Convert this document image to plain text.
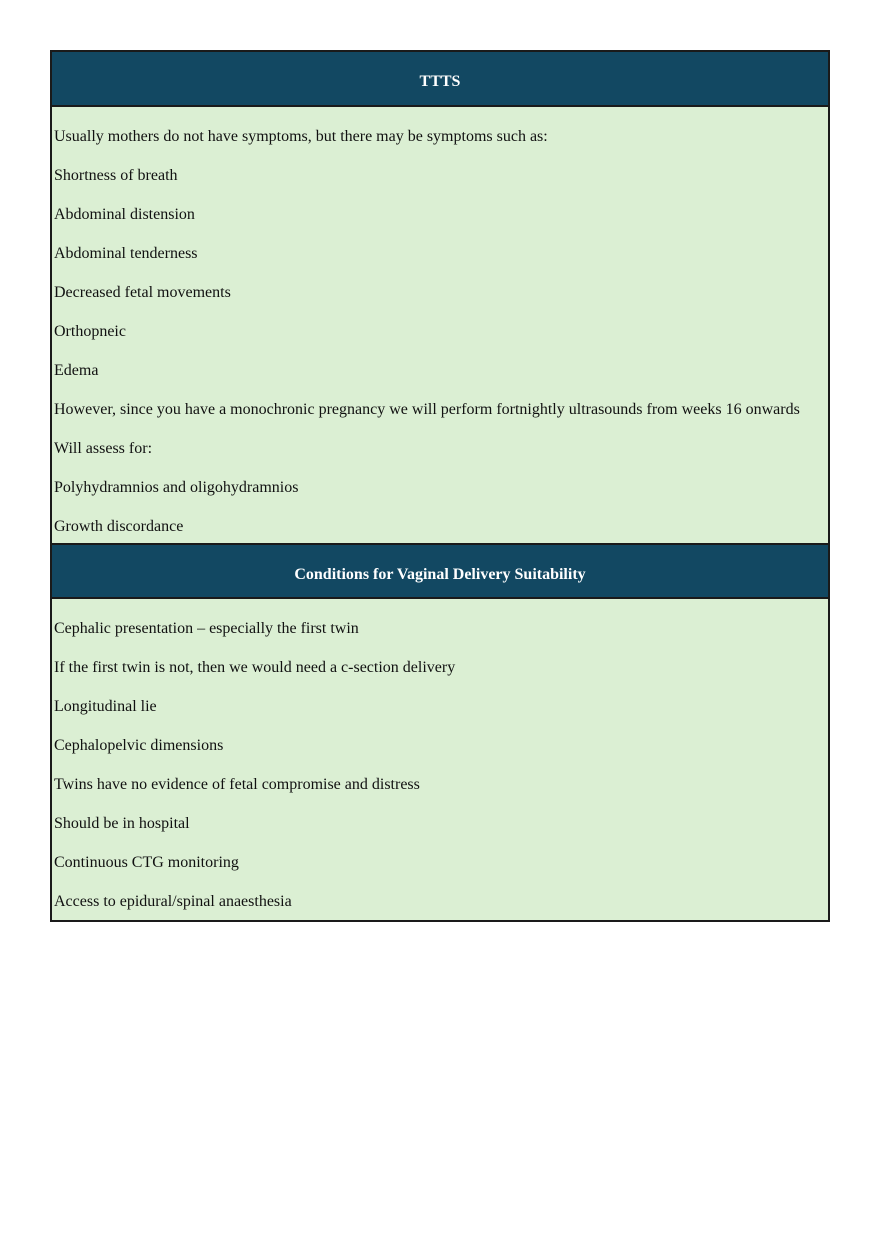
TTTS

Usually mothers do not have symptoms, but there may be symptoms such as:

Shortness of breath

Abdominal distension

Abdominal tenderness

Decreased fetal movements

Orthopneic

Edema

However, since you have a monochronic pregnancy we will perform fortnightly ultrasounds from weeks 16 onwards

Will assess for:

Polyhydramnios and oligohydramnios

Growth discordance

Conditions for Vaginal Delivery Suitability

Cephalic presentation – especially the first twin

If the first twin is not, then we would need a c-section delivery

Longitudinal lie

Cephalopelvic dimensions

Twins have no evidence of fetal compromise and distress

Should be in hospital

Continuous CTG monitoring

Access to epidural/spinal anaesthesia
